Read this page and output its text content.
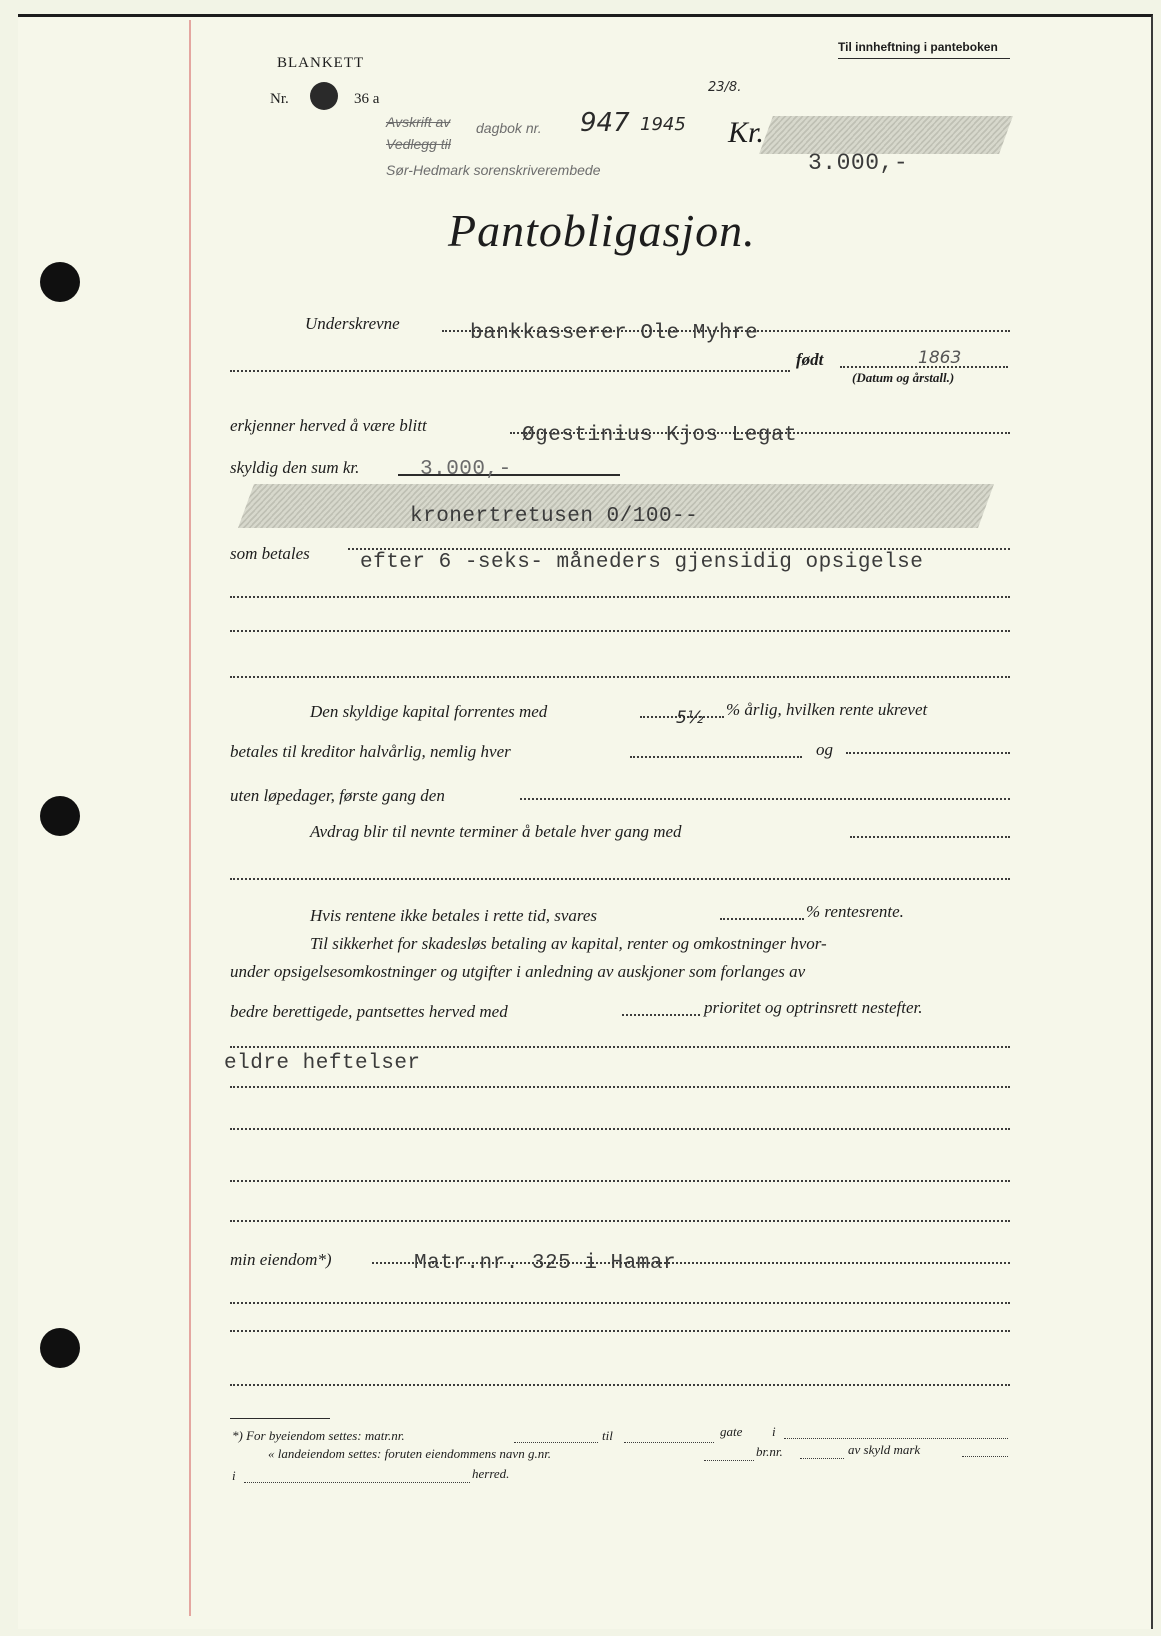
Til innheftning i panteboken
BLANKETT
Nr.	36 a
Avskrift av dagbok nr. 947 1945
23/8.
Vedlegg til
Sør-Hedmark sorenskriverembede
Kr.
3.000,-
Pantobligasjon.
Underskrevne	bankkasserer Ole Myhre
født	1863
(Datum og årstall.)
erkjenner herved å være blitt	Øgestinius Kjos Legat
skyldig den sum kr.	3.000,-
kronertretusen 0/100--
som betales efter 6 -seks- måneders gjensidig opsigelse
Den skyldige kapital forrentes med	5½ % årlig, hvilken rente ukrevet
betales til kreditor halvårlig, nemlig hver	og
uten løpedager, første gang den
Avdrag blir til nevnte terminer å betale hver gang med
Hvis rentene ikke betales i rette tid, svares	% rentesrente.
Til sikkerhet for skadesløs betaling av kapital, renter og omkostninger hvor-
under opsigelsesomkostninger og utgifter i anledning av auskjoner som forlanges av
bedre berettigede, pantsettes herved med	prioritet og optrinsrett nestefter.
eldre heftelser
min eiendom*)	Matr.nr. 325 i Hamar
*) For byeiendom settes: matr.nr.	til	gate i
« landeiendom settes: foruten eiendommens navn g.nr.	br.nr.	av skyld mark
i	herred.
